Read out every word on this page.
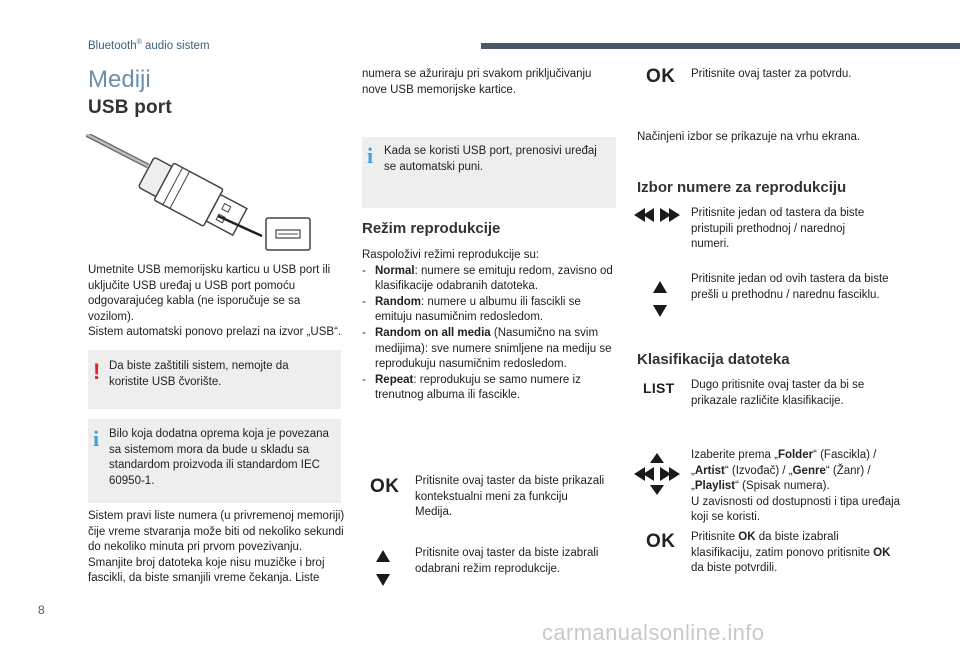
Bluetooth® audio sistem
Mediji
USB port
Umetnite USB memorijsku karticu u USB port ili uključite USB uređaj u USB port pomoću odgovarajućeg kabla (ne isporučuje se sa vozilom).
Sistem automatski ponovo prelazi na izvor „USB“.
! Da biste zaštitili sistem, nemojte da koristite USB čvorište.
i Bilo koja dodatna oprema koja je povezana sa sistemom mora da bude u skladu sa standardom proizvoda ili standardom IEC 60950-1.
Sistem pravi liste numera (u privremenoj memoriji) čije vreme stvaranja može biti od nekoliko sekundi do nekoliko minuta pri prvom povezivanju.
Smanjite broj datoteka koje nisu muzičke i broj fascikli, da biste smanjili vreme čekanja. Liste
numera se ažuriraju pri svakom priključivanju nove USB memorijske kartice.
i Kada se koristi USB port, prenosivi uređaj se automatski puni.
Režim reprodukcije
Raspoloživi režimi reprodukcije su:
- Normal: numere se emituju redom, zavisno od klasifikacije odabranih datoteka.
- Random: numere u albumu ili fascikli se emituju nasumičnim redosledom.
- Random on all media (Nasumično na svim medijima): sve numere snimljene na mediju se reprodukuju nasumičnim redosledom.
- Repeat: reprodukuju se samo numere iz trenutnog albuma ili fascikle.
OK Pritisnite ovaj taster da biste prikazali kontekstualni meni za funkciju Medija.
Pritisnite ovaj taster da biste izabrali odabrani režim reprodukcije.
OK Pritisnite ovaj taster za potvrdu.
Načinjeni izbor se prikazuje na vrhu ekrana.
Izbor numere za reprodukciju
Pritisnite jedan od tastera da biste pristupili prethodnoj / narednoj numeri.
Pritisnite jedan od ovih tastera da biste prešli u prethodnu / narednu fasciklu.
Klasifikacija datoteka
LIST Dugo pritisnite ovaj taster da bi se prikazale različite klasifikacije.
Izaberite prema „Folder“ (Fascikla) / „Artist“ (Izvođač) / „Genre“ (Žanr) / „Playlist“ (Spisak numera).
U zavisnosti od dostupnosti i tipa uređaja koji se koristi.
OK Pritisnite OK da biste izabrali klasifikaciju, zatim ponovo pritisnite OK da biste potvrdili.
8
carmanualsonline.info
